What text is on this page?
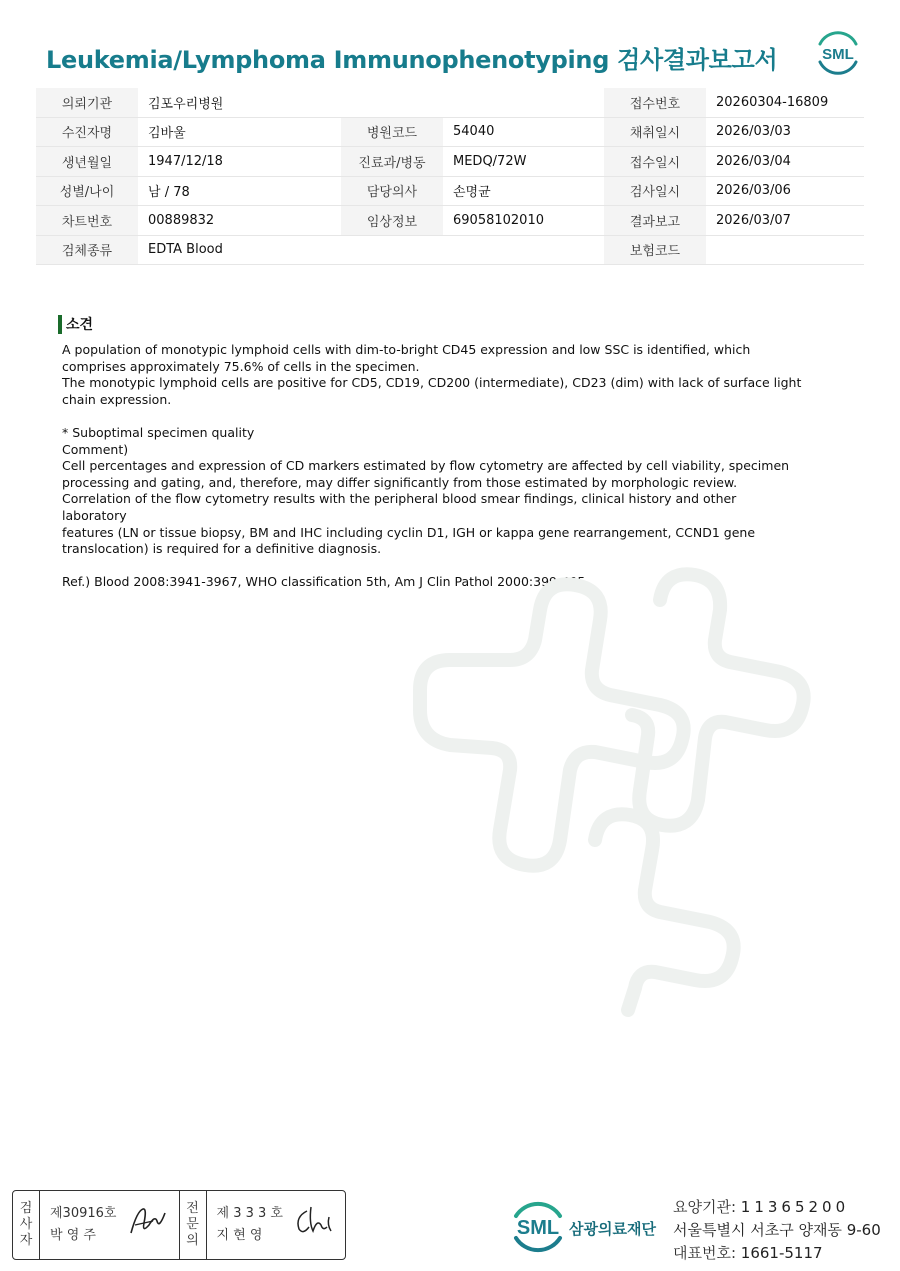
Leukemia/Lymphoma Immunophenotyping 검사결과보고서	SML
의뢰기관	김포우리병원			접수번호	20260304-16809
수진자명	김바울	병원코드	54040	채취일시	2026/03/03
생년월일	1947/12/18	진료과/병동	MEDQ/72W	접수일시	2026/03/04
성별/나이	남 / 78	담당의사	손명균	검사일시	2026/03/06
차트번호	00889832	임상정보	69058102010	결과보고	2026/03/07
검체종류	EDTA Blood			보험코드	
소견

A population of monotypic lymphoid cells with dim-to-bright CD45 expression and low SSC is identified, which

comprises approximately 75.6% of cells in the specimen.

The monotypic lymphoid cells are positive for CD5, CD19, CD200 (intermediate), CD23 (dim) with lack of surface light

chain expression.

* Suboptimal specimen quality

Comment)

Cell percentages and expression of CD markers estimated by flow cytometry are affected by cell viability, specimen

processing and gating, and, therefore, may differ significantly from those estimated by morphologic review.

Correlation of the flow cytometry results with the peripheral blood smear findings, clinical history and other laboratory

features (LN or tissue biopsy, BM and IHC including cyclin D1, IGH or kappa gene rearrangement, CCND1 gene

translocation) is required for a definitive diagnosis.

Ref.) Blood 2008:3941-3967, WHO classification 5th, Am J Clin Pathol 2000:399-405

검
사
자
제30916호
박 영 주
전
문
의
제 3 3 3 호
지 현 영	SML 삼광의료재단
요양기관: 11365200
서울특별시 서초구 양재동 9-60
대표번호: 1661-5117
